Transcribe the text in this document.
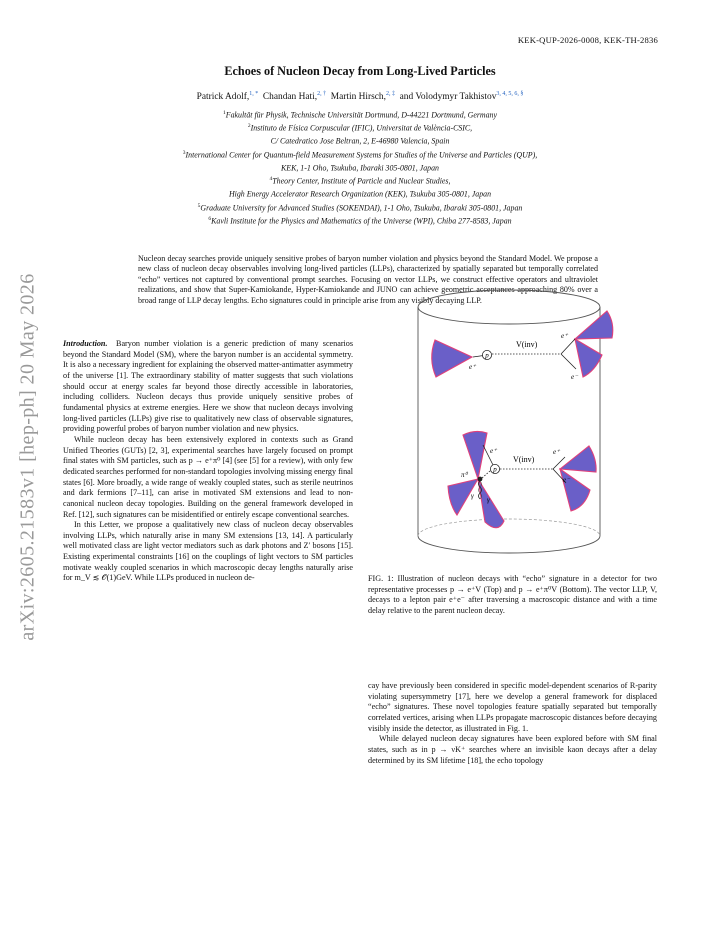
KEK-QUP-2026-0008, KEK-TH-2836
Echoes of Nucleon Decay from Long-Lived Particles
Patrick Adolf,$^{1, *}$ Chandan Hati,$^{2, \dagger}$ Martin Hirsch,$^{2, \ddagger}$ and Volodymyr Takhistov$^{3, 4, 5, 6, \S}$

$^1$Fakultät für Physik, Technische Universität Dortmund, D-44221 Dortmund, Germany

$^2$Instituto de Física Corpuscular (IFIC), Universitat de València-CSIC,

C/ Catedratico Jose Beltran, 2, E-46980 Valencia, Spain

$^3$International Center for Quantum-field Measurement Systems for Studies of the Universe and Particles (QUP),

KEK, 1-1 Oho, Tsukuba, Ibaraki 305-0801, Japan

$^4$Theory Center, Institute of Particle and Nuclear Studies,

High Energy Accelerator Research Organization (KEK), Tsukuba 305-0801, Japan

$^5$Graduate University for Advanced Studies (SOKENDAI), 1-1 Oho, Tsukuba, Ibaraki 305-0801, Japan

$^6$Kavli Institute for the Physics and Mathematics of the Universe (WPI), Chiba 277-8583, Japan

Nucleon decay searches provide uniquely sensitive probes of baryon number violation and physics beyond the Standard Model. We propose a new class of nucleon decay observables involving long-lived particles (LLPs), characterized by spatially separated but temporally correlated “echo” vertices not captured by conventional prompt searches. Focusing on vector LLPs, we construct effective operators and ultraviolet realizations, and show that Super-Kamiokande, Hyper-Kamiokande and JUNO can achieve geometric acceptances approaching 80% over a broad range of LLP decay lengths. Echo signatures could in principle arise from any visibly decaying LLP.
arXiv:2605.21583v1 [hep-ph] 20 May 2026	Introduction. Baryon number violation is a generic prediction of many scenarios beyond the Standard Model (SM), where the baryon number is an accidental symmetry. It is also a necessary ingredient for explaining the observed matter-antimatter asymmetry of the universe [1]. The extraordinary stability of matter suggests that such violations should occur at energy scales far beyond those directly accessible in laboratories, including colliders. Nucleon decays thus provide uniquely sensitive probes of fundamental physics at extreme energies. Here we show that nucleon decays involving long-lived particles (LLPs) give rise to qualitatively new class of observable signatures, providing powerful probes of baryon number violation and new physics.

While nucleon decay has been extensively explored in contexts such as Grand Unified Theories (GUTs) [2, 3], experimental searches have largely focused on prompt final states with SM particles, such as p → e⁺π⁰ [4] (see [5] for a review), with only few dedicated searches performed for non-standard topologies involving missing energy final states [6]. More broadly, a wide range of weakly coupled states, such as sterile neutrinos and dark fermions [7–11], can arise in motivated SM extensions and lead to non-canonical nucleon decay topologies. Building on the general framework developed in Ref. [12], such signatures can be misidentified or entirely escape conventional searches.

In this Letter, we propose a qualitatively new class of nucleon decay observables involving LLPs, which naturally arise in many SM extensions [13, 14]. A particularly well motivated class are light vector mediators such as dark photons and Z′ bosons [15]. Existing experimental constraints [16] on the couplings of light vectors to SM particles motivate weakly coupled scenarios in which macroscopic decay lengths naturally arise for m_V ≲ 𝒪(1)GeV. While LLPs produced in nucleon de-

p
V(inv)
e⁺
e⁺
e⁻
e⁺
p
π⁰
γ γ
V(inv)
e⁺
e⁻
FIG. 1: Illustration of nucleon decays with “echo” signature in a detector for two representative processes p → e⁺V (Top) and p → e⁺π⁰V (Bottom). The vector LLP, V, decays to a lepton pair e⁺e⁻ after traversing a macroscopic distance and with a time delay relative to the parent nucleon decay.

cay have previously been considered in specific model-dependent scenarios of R-parity violating supersymmetry [17], here we develop a general framework for displaced “echo” signatures. These novel topologies feature spatially separated but temporally correlated vertices, arising when LLPs propagate macroscopic distances before decaying visibly inside the detector, as illustrated in Fig. 1.

While delayed nucleon decay signatures have been explored before with SM final states, such as in p → νK⁺ searches where an invisible kaon decays after a delay determined by its SM lifetime [18], the echo topology
